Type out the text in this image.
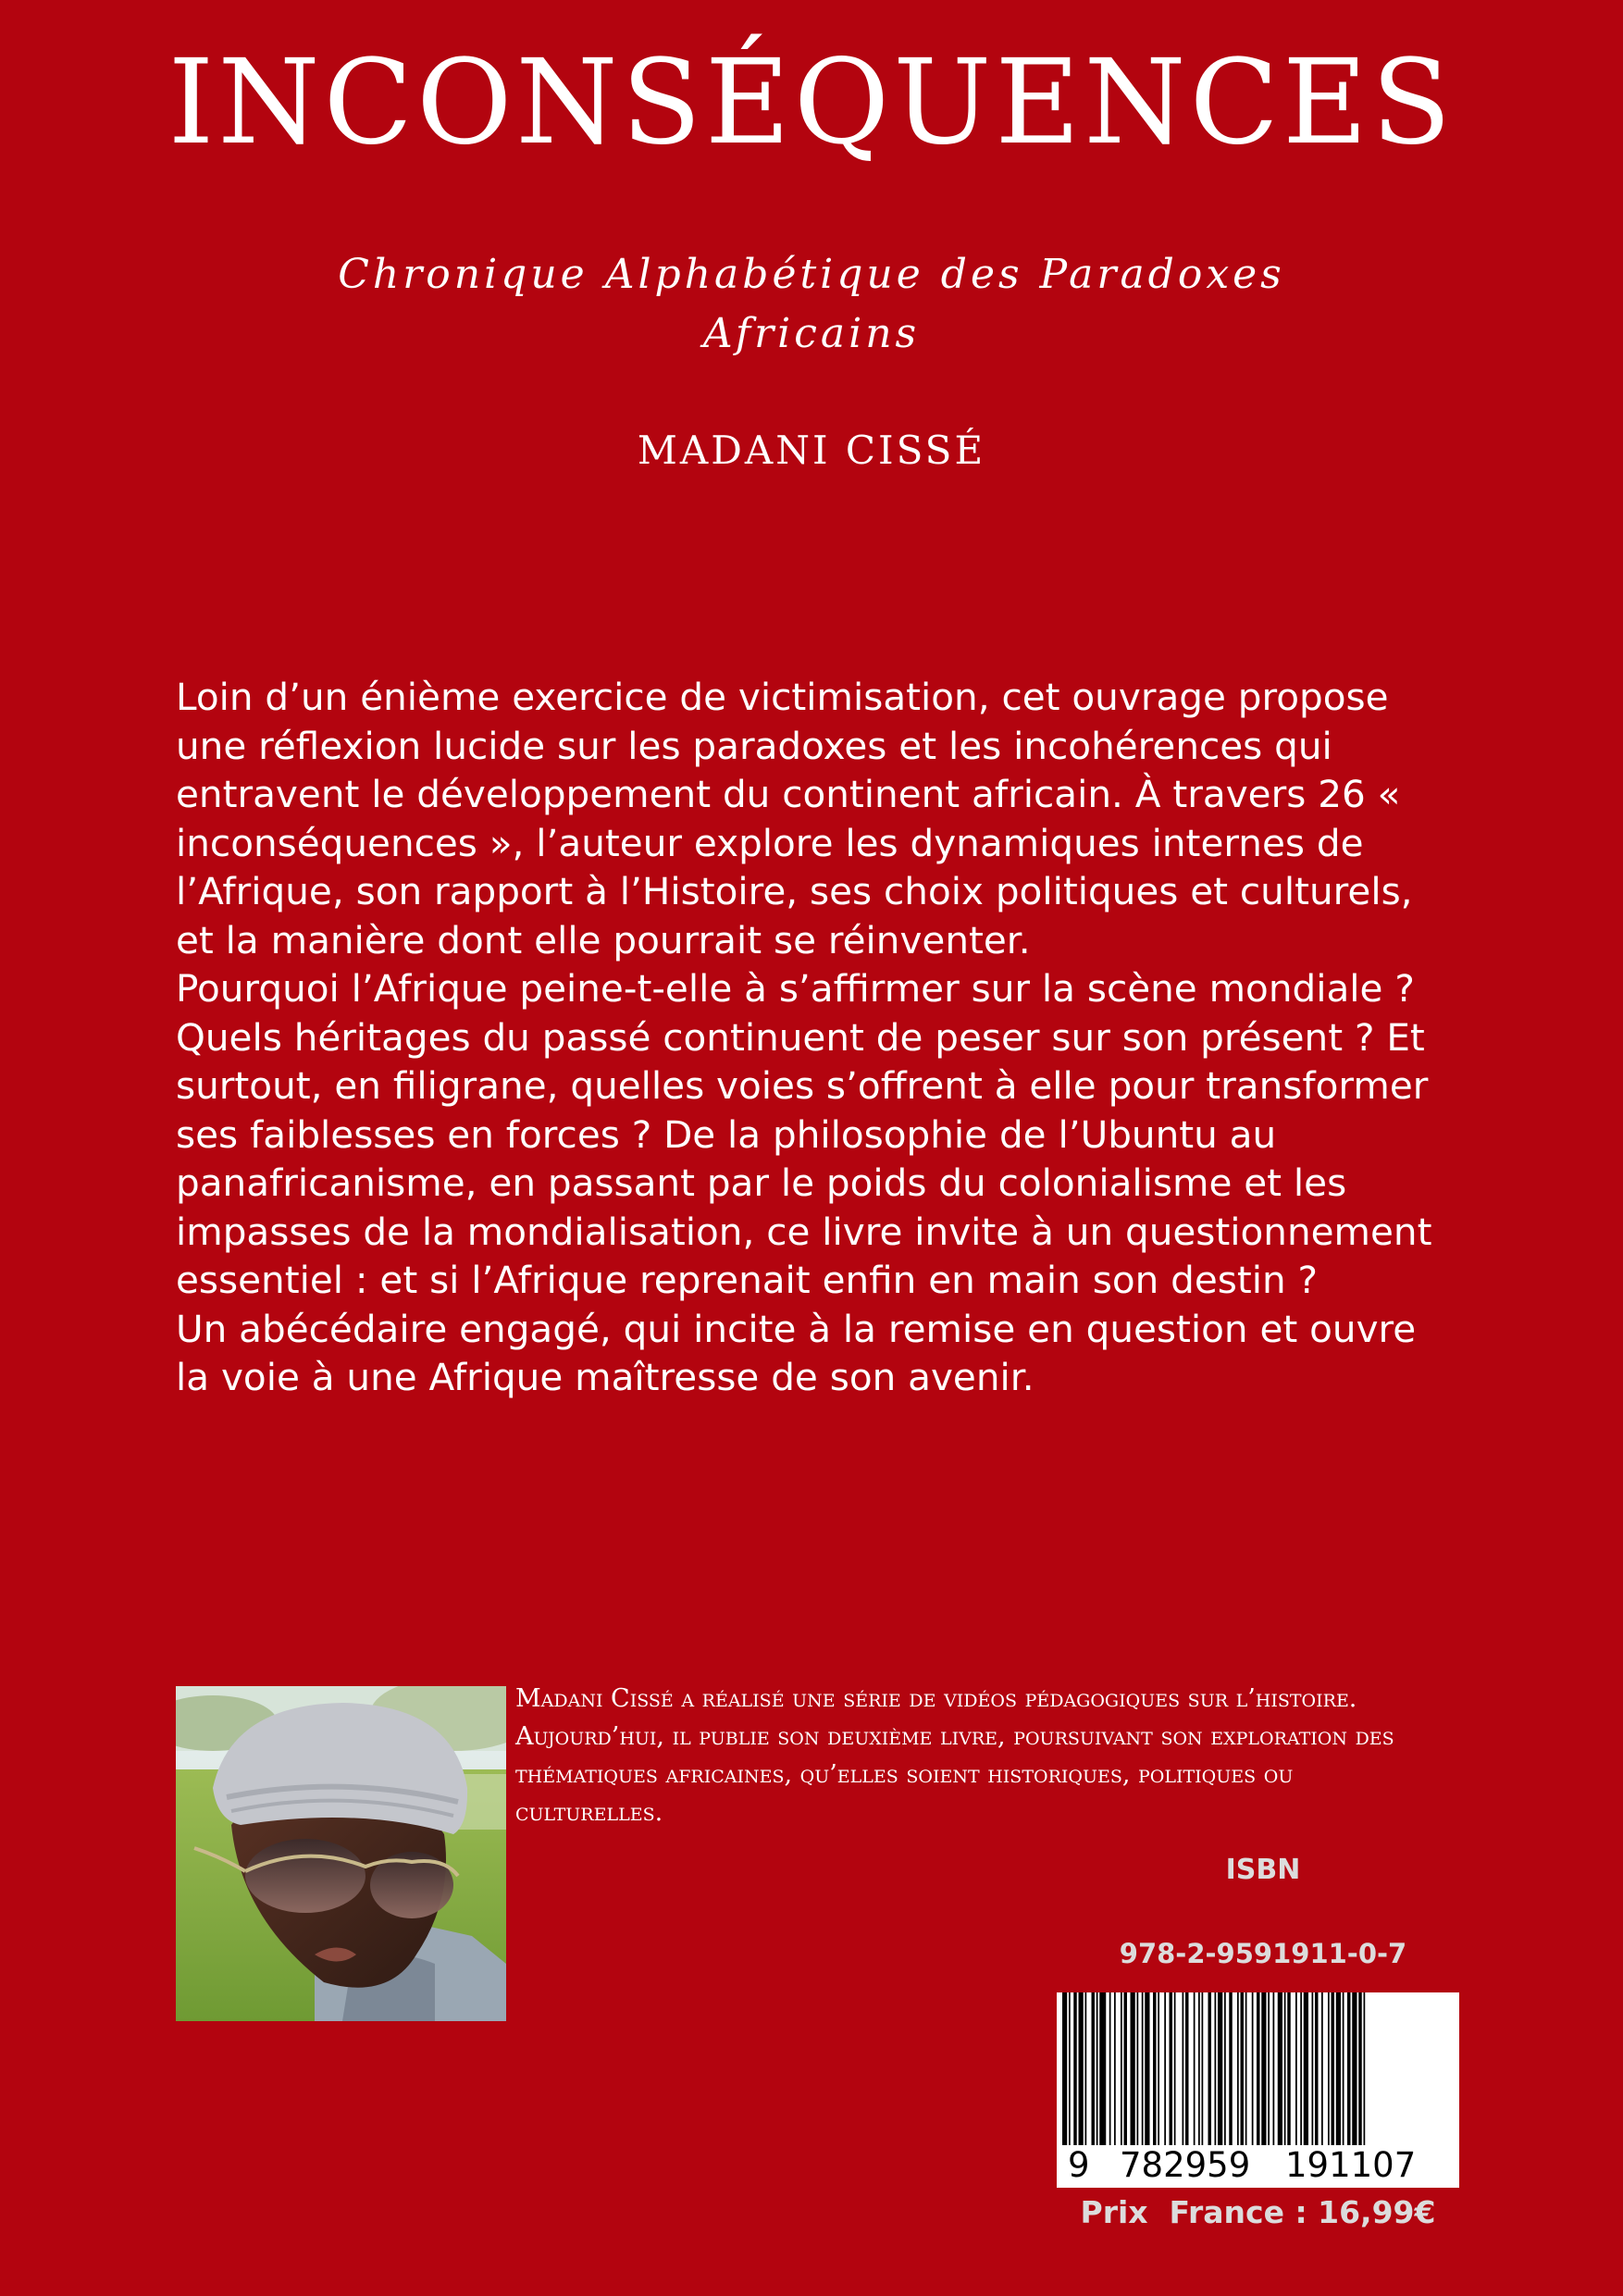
INCONSÉQUENCES
Chronique Alphabétique des Paradoxes
Africains
MADANI CISSÉ

Loin d’un énième exercice de victimisation, cet ouvrage propose une réflexion lucide sur les paradoxes et les incohérences qui entravent le développement du continent africain. À travers 26 « inconséquences », l’auteur explore les dynamiques internes de l’Afrique, son rapport à l’Histoire, ses choix politiques et culturels, et la manière dont elle pourrait se réinventer.

Pourquoi l’Afrique peine-t-elle à s’affirmer sur la scène mondiale ? Quels héritages du passé continuent de peser sur son présent ? Et surtout, en filigrane, quelles voies s’offrent à elle pour transformer ses faiblesses en forces ? De la philosophie de l’Ubuntu au panafricanisme, en passant par le poids du colonialisme et les impasses de la mondialisation, ce livre invite à un questionnement essentiel : et si l’Afrique reprenait enfin en main son destin ?

Un abécédaire engagé, qui incite à la remise en question et ouvre la voie à une Afrique maîtresse de son avenir.

Madani Cissé a réalisé une série de vidéos pédagogiques sur l’histoire. Aujourd’hui, il publie son deuxième livre, poursuivant son exploration des thématiques africaines, qu’elles soient historiques, politiques ou culturelles.
ISBN
978-2-9591911-0-7
9 782959 191107
Prix  France : 16,99€
